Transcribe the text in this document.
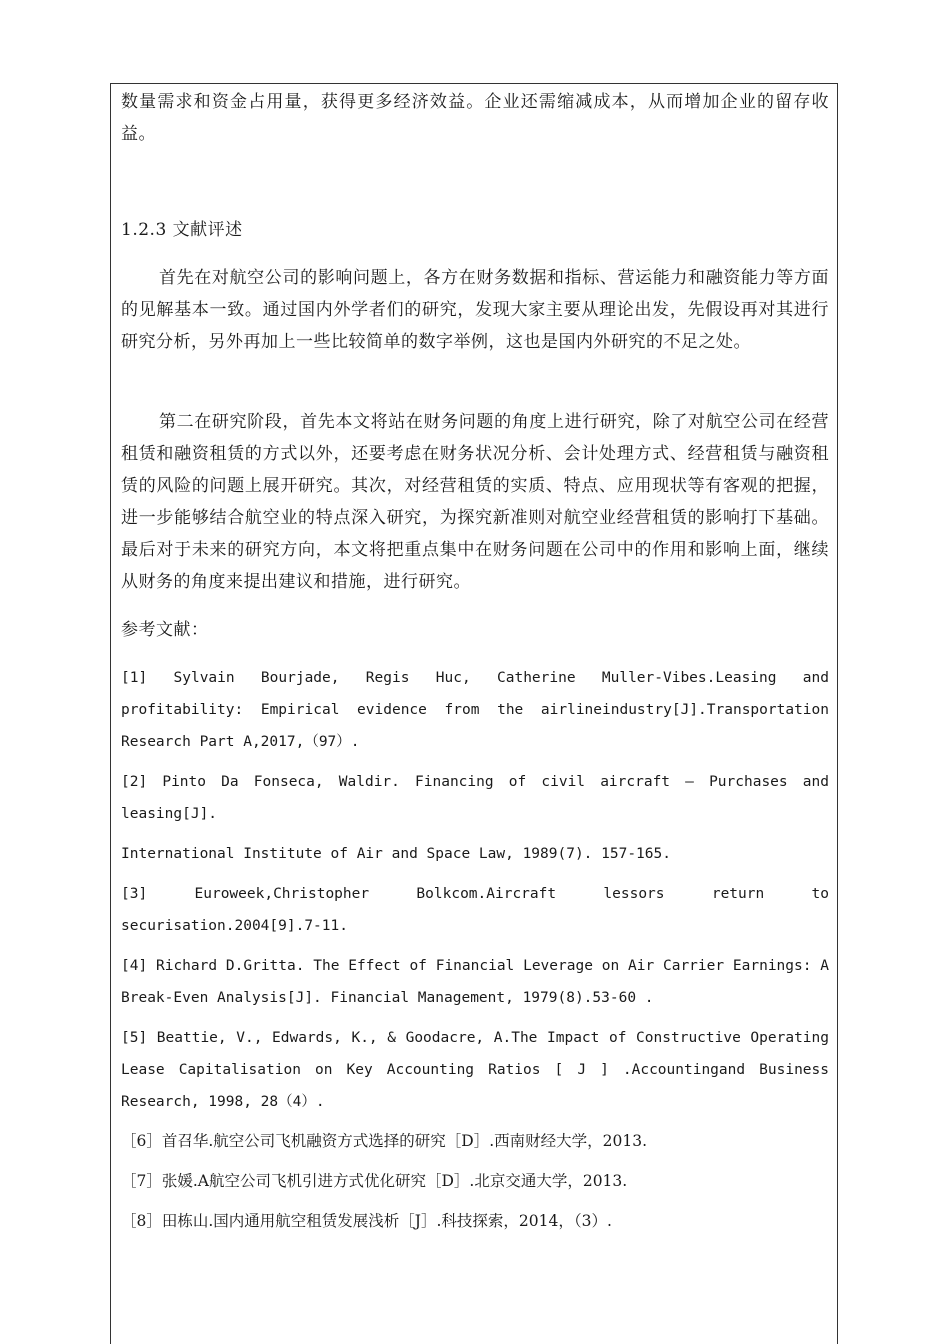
数量需求和资金占用量，获得更多经济效益。企业还需缩减成本，从而增加企业的留存收益。

1.2.3 文献评述

首先在对航空公司的影响问题上，各方在财务数据和指标、营运能力和融资能力等方面的见解基本一致。通过国内外学者们的研究，发现大家主要从理论出发，先假设再对其进行研究分析，另外再加上一些比较简单的数字举例，这也是国内外研究的不足之处。

第二在研究阶段，首先本文将站在财务问题的角度上进行研究，除了对航空公司在经营租赁和融资租赁的方式以外，还要考虑在财务状况分析、会计处理方式、经营租赁与融资租赁的风险的问题上展开研究。其次，对经营租赁的实质、特点、应用现状等有客观的把握，进一步能够结合航空业的特点深入研究，为探究新准则对航空业经营租赁的影响打下基础。最后对于未来的研究方向，本文将把重点集中在财务问题在公司中的作用和影响上面，继续从财务的角度来提出建议和措施，进行研究。

参考文献：

[1] Sylvain Bourjade, Regis Huc, Catherine Muller-Vibes.Leasing and profitability: Empirical evidence from the airlineindustry[J].Transportation Research Part A,2017,（97）.

[2] Pinto Da Fonseca, Waldir. Financing of civil aircraft – Purchases and leasing[J].

International Institute of Air and Space Law, 1989(7). 157-165.

[3] Euroweek,Christopher Bolkcom.Aircraft lessors return to securisation.2004[9].7-11.

[4] Richard D.Gritta. The Effect of Financial Leverage on Air Carrier Earnings: A Break-Even Analysis[J]. Financial Management, 1979(8).53-60 .

[5] Beattie, V., Edwards, K., & Goodacre, A.The Impact of Constructive Operating Lease Capitalisation on Key Accounting Ratios [ J ] .Accountingand Business Research, 1998, 28（4）.

［6］首召华.航空公司飞机融资方式选择的研究［D］.西南财经大学，2013.

［7］张媛.A航空公司飞机引进方式优化研究［D］.北京交通大学，2013.

［8］田栋山.国内通用航空租赁发展浅析［J］.科技探索，2014，（3）.
